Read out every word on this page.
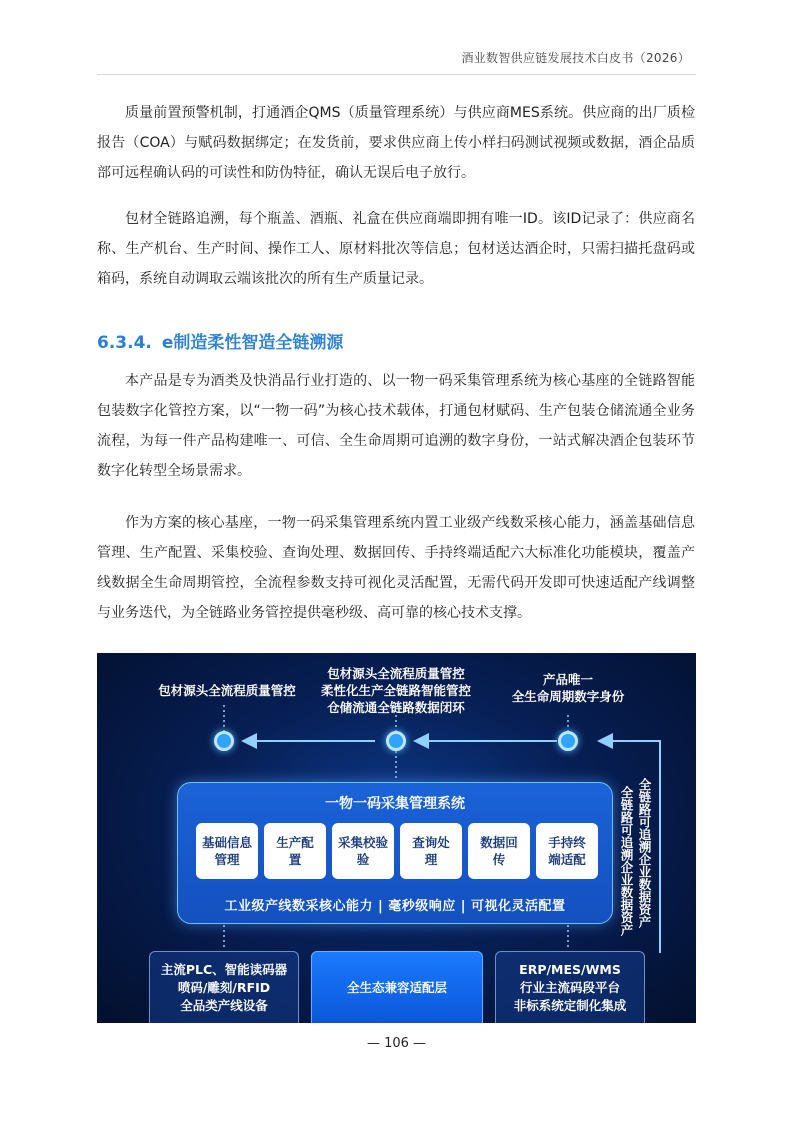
酒业数智供应链发展技术白皮书（2026）

质量前置预警机制，打通酒企QMS（质量管理系统）与供应商MES系统。供应商的出厂质检报告（COA）与赋码数据绑定；在发货前，要求供应商上传小样扫码测试视频或数据，酒企品质部可远程确认码的可读性和防伪特征，确认无误后电子放行。

包材全链路追溯，每个瓶盖、酒瓶、礼盒在供应商端即拥有唯一ID。该ID记录了：供应商名称、生产机台、生产时间、操作工人、原材料批次等信息；包材送达酒企时，只需扫描托盘码或箱码，系统自动调取云端该批次的所有生产质量记录。

6.3.4. e制造柔性智造全链溯源

本产品是专为酒类及快消品行业打造的、以一物一码采集管理系统为核心基座的全链路智能包装数字化管控方案，以“一物一码”为核心技术载体，打通包材赋码、生产包装仓储流通全业务流程，为每一件产品构建唯一、可信、全生命周期可追溯的数字身份，一站式解决酒企包装环节数字化转型全场景需求。

作为方案的核心基座，一物一码采集管理系统内置工业级产线数采核心能力，涵盖基础信息管理、生产配置、采集校验、查询处理、数据回传、手持终端适配六大标准化功能模块，覆盖产线数据全生命周期管控，全流程参数支持可视化灵活配置，无需代码开发即可快速适配产线调整与业务迭代，为全链路业务管控提供毫秒级、高可靠的核心技术支撑。

包材源头全流程质量管控
包材源头全流程质量管控
柔性化生产全链路智能管控
仓储流通全链路数据闭环
产品唯一
全生命周期数字身份
一物一码采集管理系统
基础信息
管理
生产配
置
采集校验
验
查询处
理
数据回
传
手持终
端适配
工业级产线数采核心能力 | 毫秒级响应 | 可视化灵活配置	全链路可追溯企业数据资产
全链路可追溯企业数据资产
主流PLC、智能读码器
喷码/雕刻/RFID
全品类产线设备
全生态兼容适配层
ERP/MES/WMS
行业主流码段平台
非标系统定制化集成
— 106 —
